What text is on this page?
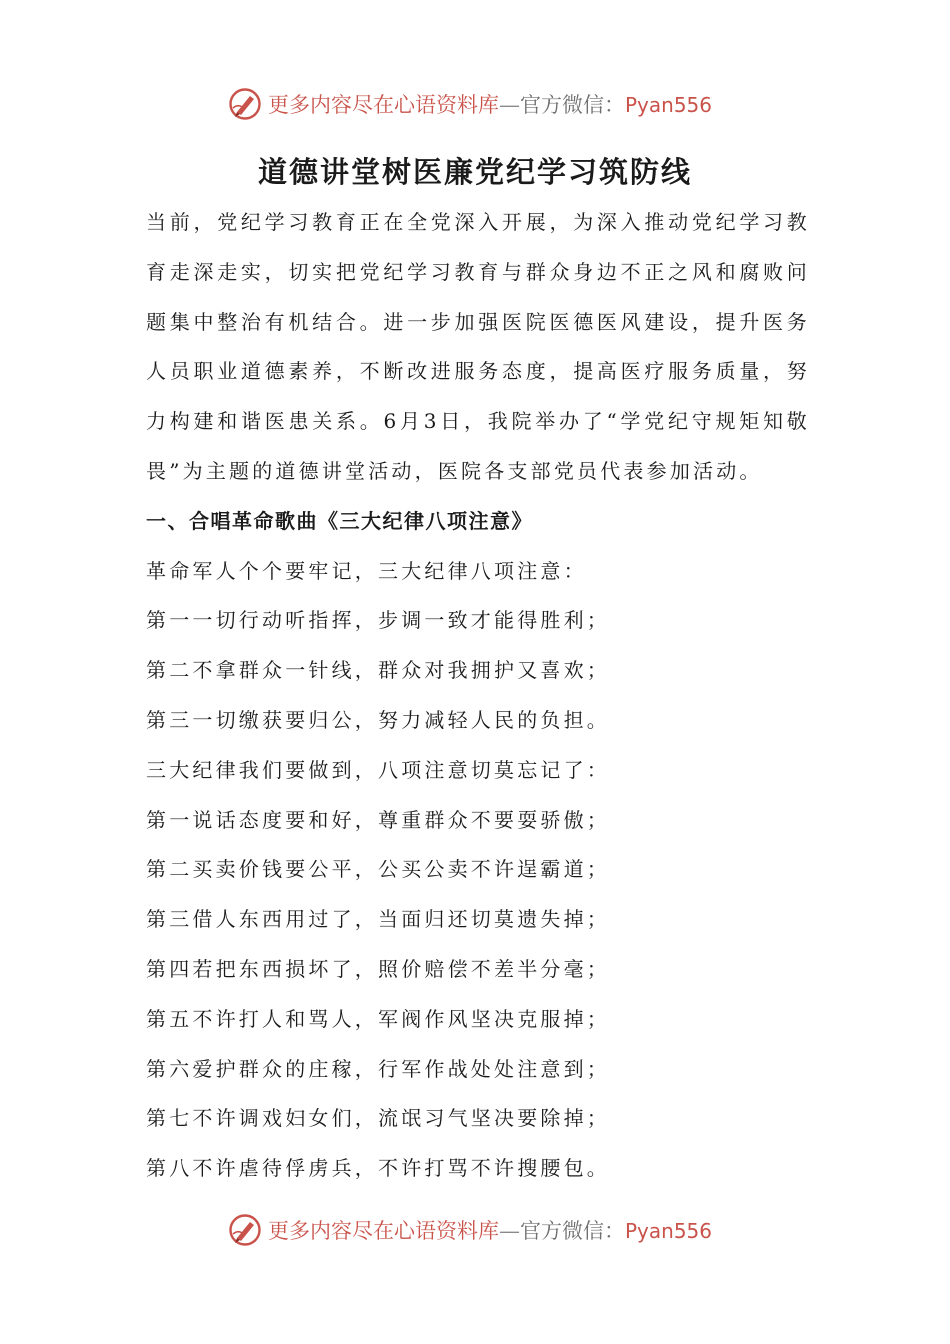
更多内容尽在心语资料库—官方微信：Pyan556
道德讲堂树医廉党纪学习筑防线

当前，党纪学习教育正在全党深入开展，为深入推动党纪学习教育走深走实，切实把党纪学习教育与群众身边不正之风和腐败问题集中整治有机结合。进一步加强医院医德医风建设，提升医务人员职业道德素养，不断改进服务态度，提高医疗服务质量，努力构建和谐医患关系。6月3日，我院举办了“学党纪守规矩知敬畏”为主题的道德讲堂活动，医院各支部党员代表参加活动。

一、合唱革命歌曲《三大纪律八项注意》

革命军人个个要牢记，三大纪律八项注意：

第一一切行动听指挥，步调一致才能得胜利；

第二不拿群众一针线，群众对我拥护又喜欢；

第三一切缴获要归公，努力减轻人民的负担。

三大纪律我们要做到，八项注意切莫忘记了：

第一说话态度要和好，尊重群众不要耍骄傲；

第二买卖价钱要公平，公买公卖不许逞霸道；

第三借人东西用过了，当面归还切莫遗失掉；

第四若把东西损坏了，照价赔偿不差半分毫；

第五不许打人和骂人，军阀作风坚决克服掉；

第六爱护群众的庄稼，行军作战处处注意到；

第七不许调戏妇女们，流氓习气坚决要除掉；

第八不许虐待俘虏兵，不许打骂不许搜腰包。

更多内容尽在心语资料库—官方微信：Pyan556
